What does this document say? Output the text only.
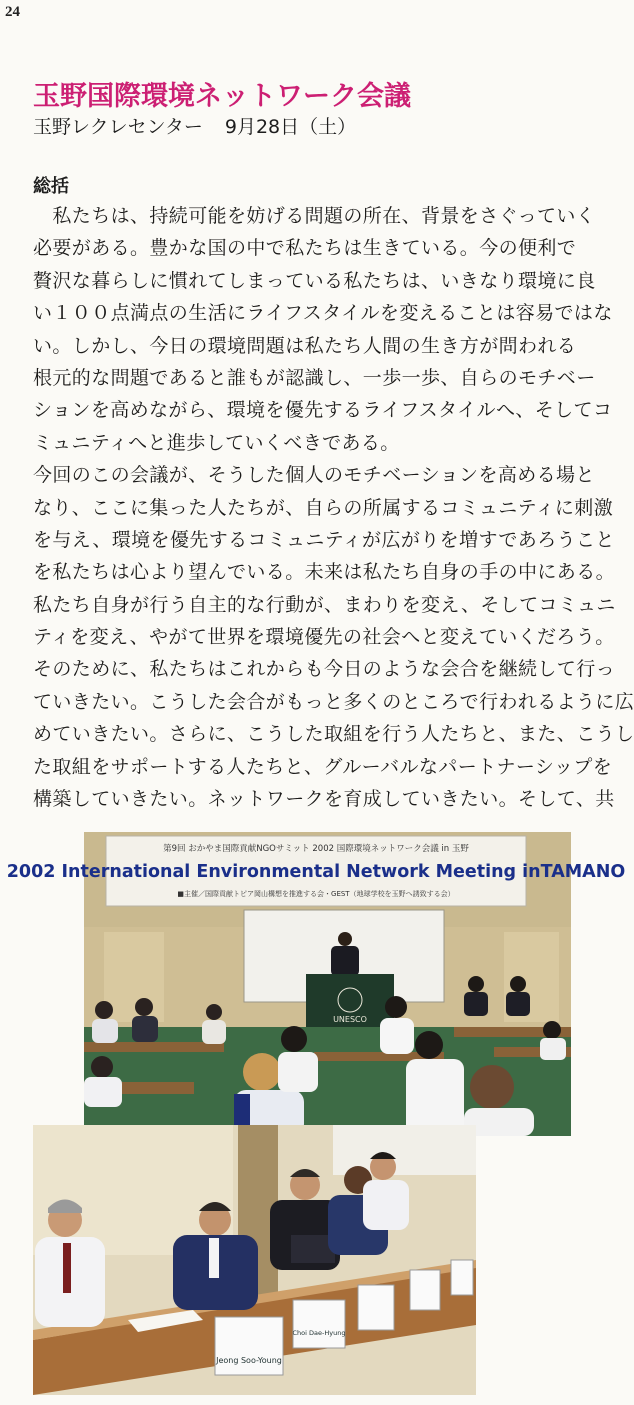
24
玉野国際環境ネットワーク会議
玉野レクレセンター 9月28日（土）
総括
　私たちは、持続可能を妨げる問題の所在、背景をさぐっていく
必要がある。豊かな国の中で私たちは生きている。今の便利で
贅沢な暮らしに慣れてしまっている私たちは、いきなり環境に良
い１００点満点の生活にライフスタイルを変えることは容易ではな
い。しかし、今日の環境問題は私たち人間の生き方が問われる
根元的な問題であると誰もが認識し、一歩一歩、自らのモチベー
ションを高めながら、環境を優先するライフスタイルへ、そしてコ
ミュニティへと進歩していくべきである。
今回のこの会議が、そうした個人のモチベーションを高める場と
なり、ここに集った人たちが、自らの所属するコミュニティに刺激
を与え、環境を優先するコミュニティが広がりを増すであろうこと
を私たちは心より望んでいる。未来は私たち自身の手の中にある。
私たち自身が行う自主的な行動が、まわりを変え、そしてコミュニ
ティを変え、やがて世界を環境優先の社会へと変えていくだろう。
そのために、私たちはこれからも今日のような会合を継続して行っ
ていきたい。こうした会合がもっと多くのところで行われるように広
めていきたい。さらに、こうした取組を行う人たちと、また、こうし
た取組をサポートする人たちと、グルーバルなパートナーシップを
構築していきたい。ネットワークを育成していきたい。そして、共
第9回 おかやま国際貢献NGOサミット 2002 国際環境ネットワーク会議 in 玉野
2002 International Environmental Network Meeting inTAMANO
■主催／国際貢献トピア岡山構想を推進する会・GEST（地球学校を玉野へ誘致する会）
UNESCO
Jeong Soo-Young
Choi Dae-Hyung
